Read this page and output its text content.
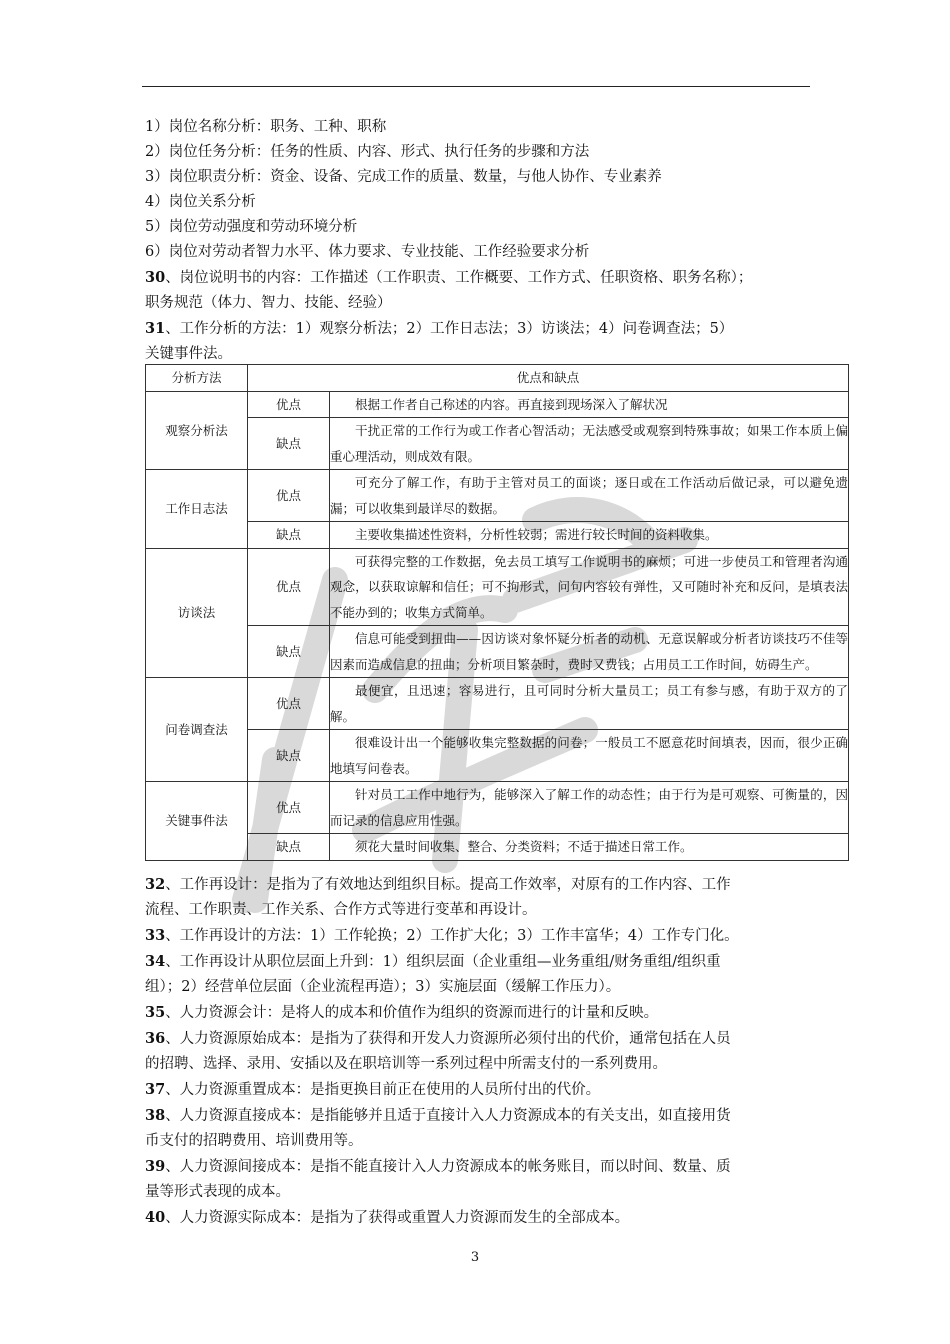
1）岗位名称分析：职务、工种、职称

2）岗位任务分析：任务的性质、内容、形式、执行任务的步骤和方法

3）岗位职责分析：资金、设备、完成工作的质量、数量，与他人协作、专业素养

4）岗位关系分析

5）岗位劳动强度和劳动环境分析

6）岗位对劳动者智力水平、体力要求、专业技能、工作经验要求分析

30、岗位说明书的内容：工作描述（工作职责、工作概要、工作方式、任职资格、职务名称）；

职务规范（体力、智力、技能、经验）

31、工作分析的方法：1）观察分析法；2）工作日志法；3）访谈法；4）问卷调查法；5）

关键事件法。

分析方法	优点和缺点	
观察分析法	优点	根据工作者自己称述的内容。再直接到现场深入了解状况
	缺点	干扰正常的工作行为或工作者心智活动；无法感受或观察到特殊事故；如果工作本质上偏重心理活动，则成效有限。
工作日志法	优点	可充分了解工作，有助于主管对员工的面谈；逐日或在工作活动后做记录，可以避免遗漏；可以收集到最详尽的数据。
	缺点	主要收集描述性资料，分析性较弱；需进行较长时间的资料收集。
访谈法	优点	可获得完整的工作数据，免去员工填写工作说明书的麻烦；可进一步使员工和管理者沟通观念，以获取谅解和信任；可不拘形式，问句内容较有弹性，又可随时补充和反问，是填表法不能办到的；收集方式简单。
	缺点	信息可能受到扭曲——因访谈对象怀疑分析者的动机、无意误解或分析者访谈技巧不佳等因素而造成信息的扭曲；分析项目繁杂时，费时又费钱；占用员工工作时间，妨碍生产。
问卷调查法	优点	最便宜，且迅速；容易进行，且可同时分析大量员工；员工有参与感，有助于双方的了解。
	缺点	很难设计出一个能够收集完整数据的问卷；一般员工不愿意花时间填表，因而，很少正确地填写问卷表。
关键事件法	优点	针对员工工作中地行为，能够深入了解工作的动态性；由于行为是可观察、可衡量的，因而记录的信息应用性强。
	缺点	须花大量时间收集、整合、分类资料；不适于描述日常工作。

32、工作再设计：是指为了有效地达到组织目标。提高工作效率，对原有的工作内容、工作

流程、工作职责、工作关系、合作方式等进行变革和再设计。

33、工作再设计的方法：1）工作轮换；2）工作扩大化；3）工作丰富华；4）工作专门化。

34、工作再设计从职位层面上升到：1）组织层面（企业重组—业务重组/财务重组/组织重

组）；2）经营单位层面（企业流程再造）；3）实施层面（缓解工作压力）。

35、人力资源会计：是将人的成本和价值作为组织的资源而进行的计量和反映。

36、人力资源原始成本：是指为了获得和开发人力资源所必须付出的代价，通常包括在人员

的招聘、选择、录用、安插以及在职培训等一系列过程中所需支付的一系列费用。

37、人力资源重置成本：是指更换目前正在使用的人员所付出的代价。

38、人力资源直接成本：是指能够并且适于直接计入人力资源成本的有关支出，如直接用货

币支付的招聘费用、培训费用等。

39、人力资源间接成本：是指不能直接计入人力资源成本的帐务账目，而以时间、数量、质

量等形式表现的成本。

40、人力资源实际成本：是指为了获得或重置人力资源而发生的全部成本。

3
